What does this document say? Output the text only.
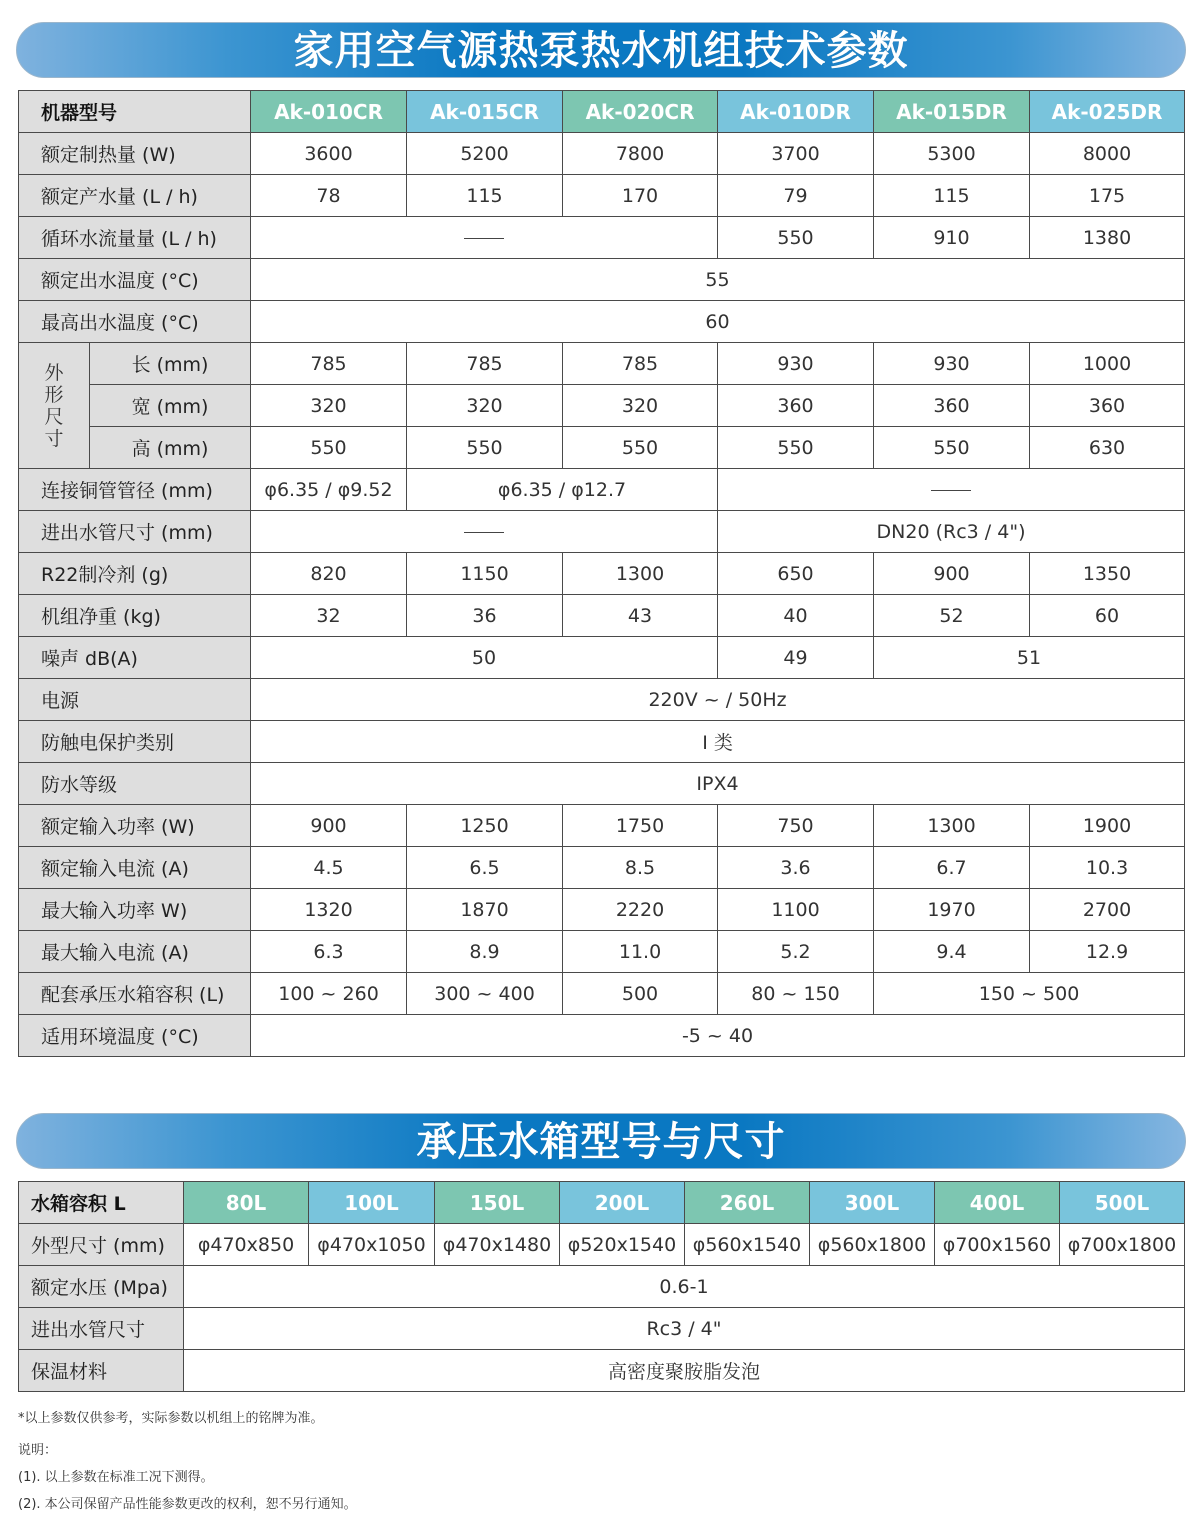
家用空气源热泵热水机组技术参数
机器型号		Ak-010CR	Ak-015CR	Ak-020CR	Ak-010DR	Ak-015DR	Ak-025DR
额定制热量 (W)		3600	5200	7800	3700	5300	8000
额定产水量 (L / h)		78	115	170	79	115	175
循环水流量量 (L / h)					550	910	1380
额定出水温度 (°C)		55					
最高出水温度 (°C)		60					
外
形
尺
寸	长 (mm)	785	785	785	930	930	1000
	宽 (mm)	320	320	320	360	360	360
	高 (mm)	550	550	550	550	550	630
连接铜管管径 (mm)		φ6.35 / φ9.52	φ6.35 / φ12.7				
进出水管尺寸 (mm)					DN20 (Rc3 / 4")		
R22制冷剂 (g)		820	1150	1300	650	900	1350
机组净重 (kg)		32	36	43	40	52	60
噪声 dB(A)		50			49	51	
电源		220V ~ / 50Hz					
防触电保护类别		I 类					
防水等级		IPX4					
额定输入功率 (W)		900	1250	1750	750	1300	1900
额定输入电流 (A)		4.5	6.5	8.5	3.6	6.7	10.3
最大输入功率 W)		1320	1870	2220	1100	1970	2700
最大输入电流 (A)		6.3	8.9	11.0	5.2	9.4	12.9
配套承压水箱容积 (L)		100 ~ 260	300 ~ 400	500	80 ~ 150	150 ~ 500	
适用环境温度 (°C)		-5 ~ 40					
承压水箱型号与尺寸
水箱容积 L	80L	100L	150L	200L	260L	300L	400L	500L
外型尺寸 (mm)	φ470x850	φ470x1050	φ470x1480	φ520x1540	φ560x1540	φ560x1800	φ700x1560	φ700x1800
额定水压 (Mpa)	0.6-1							
进出水管尺寸	Rc3 / 4"							
保温材料	高密度聚胺脂发泡							
*以上参数仅供参考，实际参数以机组上的铭牌为准。
说明：
(1). 以上参数在标准工况下测得。
(2). 本公司保留产品性能参数更改的权利，恕不另行通知。
